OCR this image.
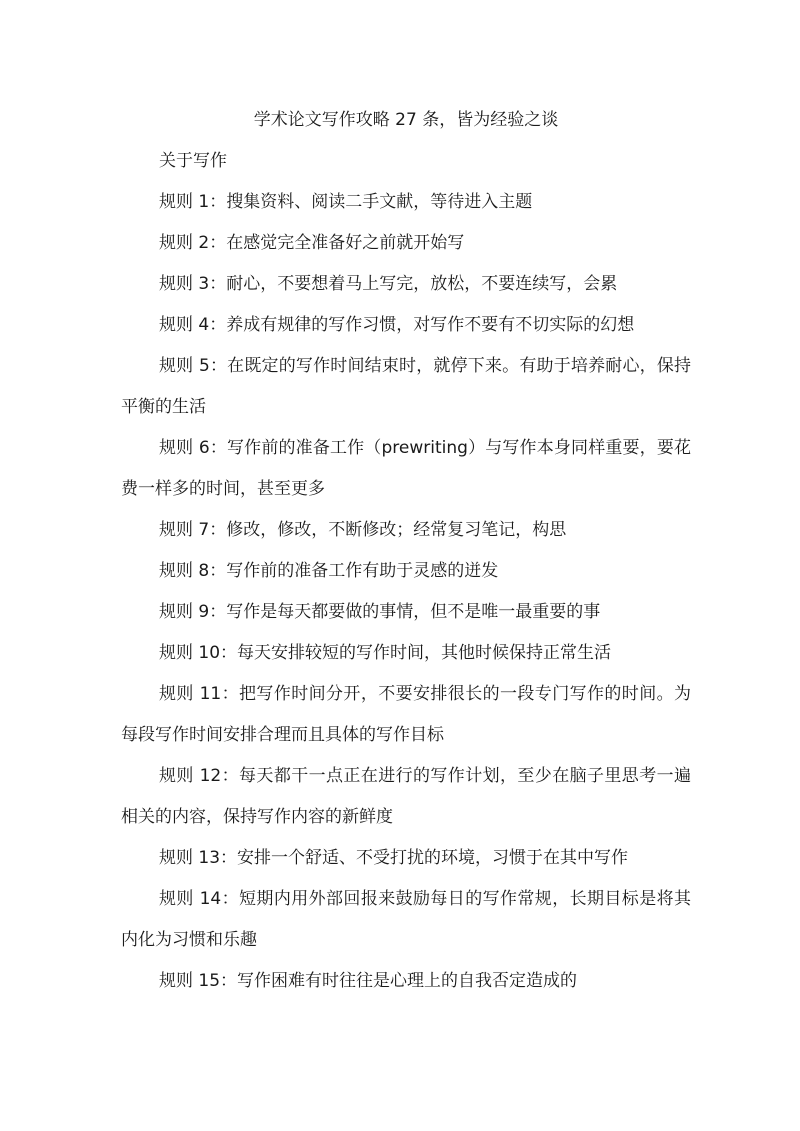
学术论文写作攻略 27 条，皆为经验之谈

关于写作

规则 1：搜集资料、阅读二手文献，等待进入主题

规则 2：在感觉完全准备好之前就开始写

规则 3：耐心，不要想着马上写完，放松，不要连续写，会累

规则 4：养成有规律的写作习惯，对写作不要有不切实际的幻想

规则 5：在既定的写作时间结束时，就停下来。有助于培养耐心，保持平衡的生活

规则 6：写作前的准备工作（prewriting）与写作本身同样重要，要花费一样多的时间，甚至更多

规则 7：修改，修改，不断修改；经常复习笔记，构思

规则 8：写作前的准备工作有助于灵感的迸发

规则 9：写作是每天都要做的事情，但不是唯一最重要的事

规则 10：每天安排较短的写作时间，其他时候保持正常生活

规则 11：把写作时间分开，不要安排很长的一段专门写作的时间。为每段写作时间安排合理而且具体的写作目标

规则 12：每天都干一点正在进行的写作计划，至少在脑子里思考一遍相关的内容，保持写作内容的新鲜度

规则 13：安排一个舒适、不受打扰的环境，习惯于在其中写作

规则 14：短期内用外部回报来鼓励每日的写作常规，长期目标是将其内化为习惯和乐趣

规则 15：写作困难有时往往是心理上的自我否定造成的
